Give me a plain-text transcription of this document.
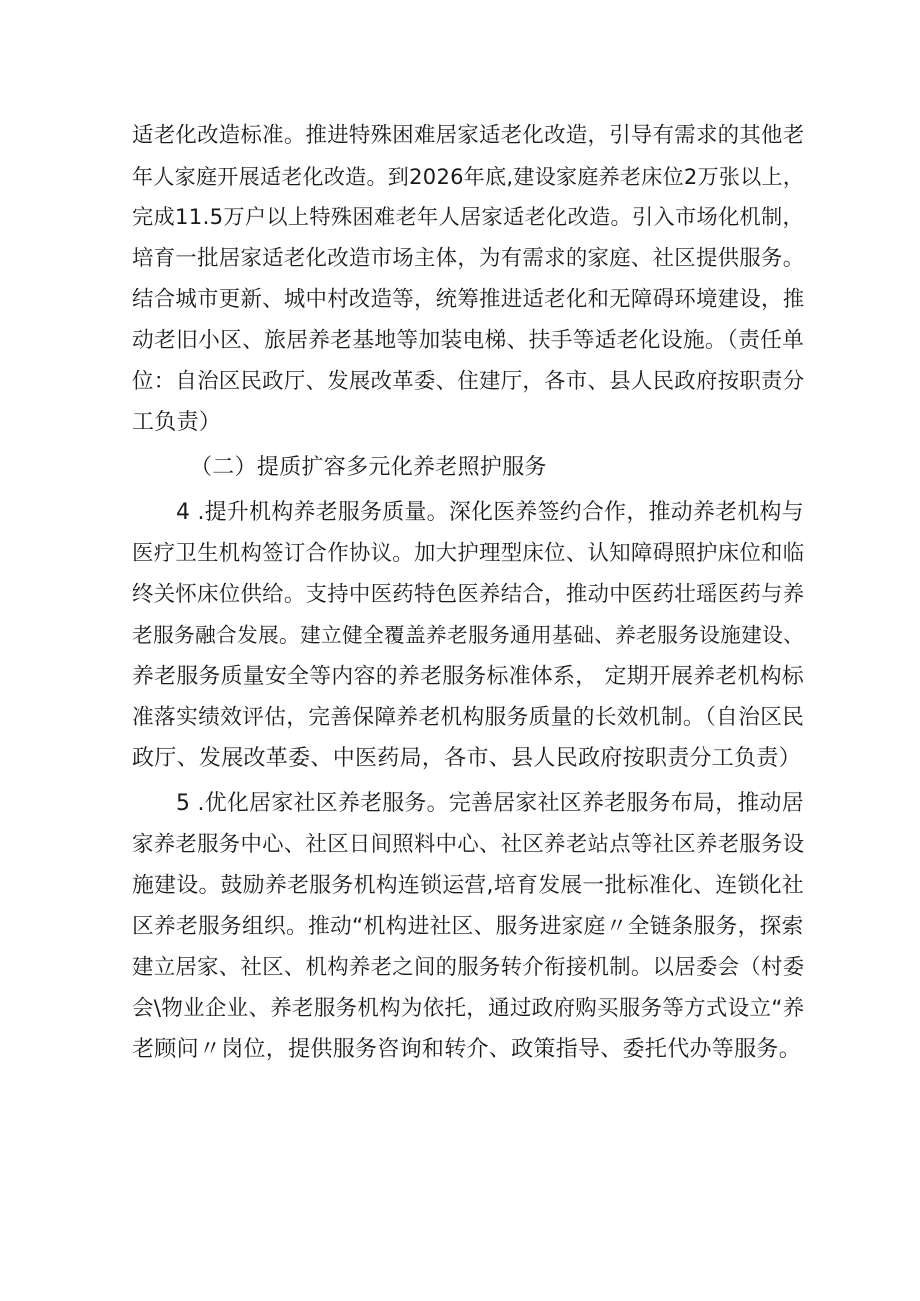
适老化改造标准。推进特殊困难居家适老化改造，引导有需求的其他老
年人家庭开展适老化改造。到2026年底,建设家庭养老床位2万张以上，
完成11.5万户以上特殊困难老年人居家适老化改造。引入市场化机制，
培育一批居家适老化改造市场主体，为有需求的家庭、社区提供服务。
结合城市更新、城中村改造等，统筹推进适老化和无障碍环境建设，推
动老旧小区、旅居养老基地等加装电梯、扶手等适老化设施。（责任单
位：自治区民政厅、发展改革委、住建厅，各市、县人民政府按职责分
工负责）
（二）提质扩容多元化养老照护服务
4 .提升机构养老服务质量。深化医养签约合作，推动养老机构与
医疗卫生机构签订合作协议。加大护理型床位、认知障碍照护床位和临
终关怀床位供给。支持中医药特色医养结合，推动中医药壮瑶医药与养
老服务融合发展。建立健全覆盖养老服务通用基础、养老服务设施建设、
养老服务质量安全等内容的养老服务标准体系， 定期开展养老机构标
准落实绩效评估，完善保障养老机构服务质量的长效机制。（自治区民
政厅、发展改革委、中医药局，各市、县人民政府按职责分工负责）
5 .优化居家社区养老服务。完善居家社区养老服务布局，推动居
家养老服务中心、社区日间照料中心、社区养老站点等社区养老服务设
施建设。鼓励养老服务机构连锁运营,培育发展一批标准化、连锁化社
区养老服务组织。推动“机构进社区、服务进家庭〃全链条服务，探索
建立居家、社区、机构养老之间的服务转介衔接机制。以居委会（村委
会\物业企业、养老服务机构为依托，通过政府购买服务等方式设立“养
老顾问〃岗位，提供服务咨询和转介、政策指导、委托代办等服务。
